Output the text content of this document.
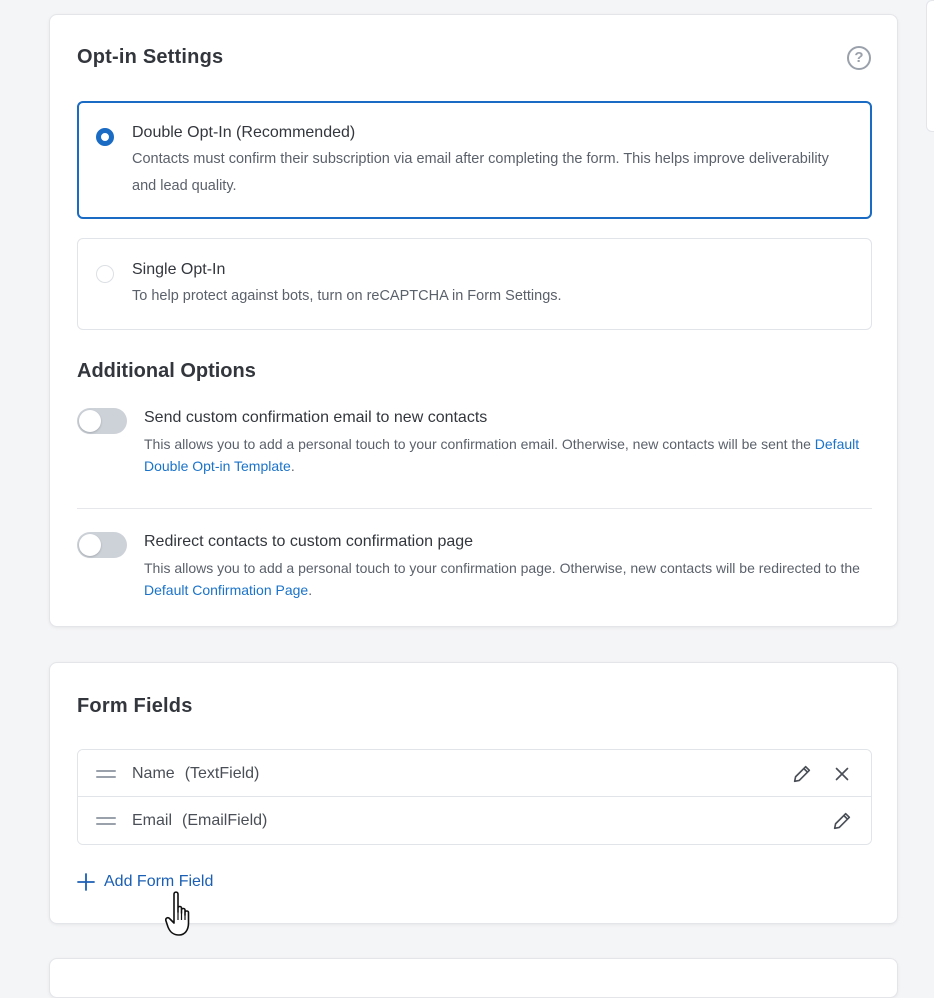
Opt-in Settings	?
Double Opt-In (Recommended)
Contacts must confirm their subscription via email after completing the form. This helps improve deliverability and lead quality.
Single Opt-In
To help protect against bots, turn on reCAPTCHA in Form Settings.
Additional Options
Send custom confirmation email to new contacts
This allows you to add a personal touch to your confirmation email. Otherwise, new contacts will be sent the Default Double Opt-in Template.
Redirect contacts to custom confirmation page
This allows you to add a personal touch to your confirmation page. Otherwise, new contacts will be redirected to the Default Confirmation Page.
Form Fields
Name (TextField)
Email (EmailField)
Add Form Field
